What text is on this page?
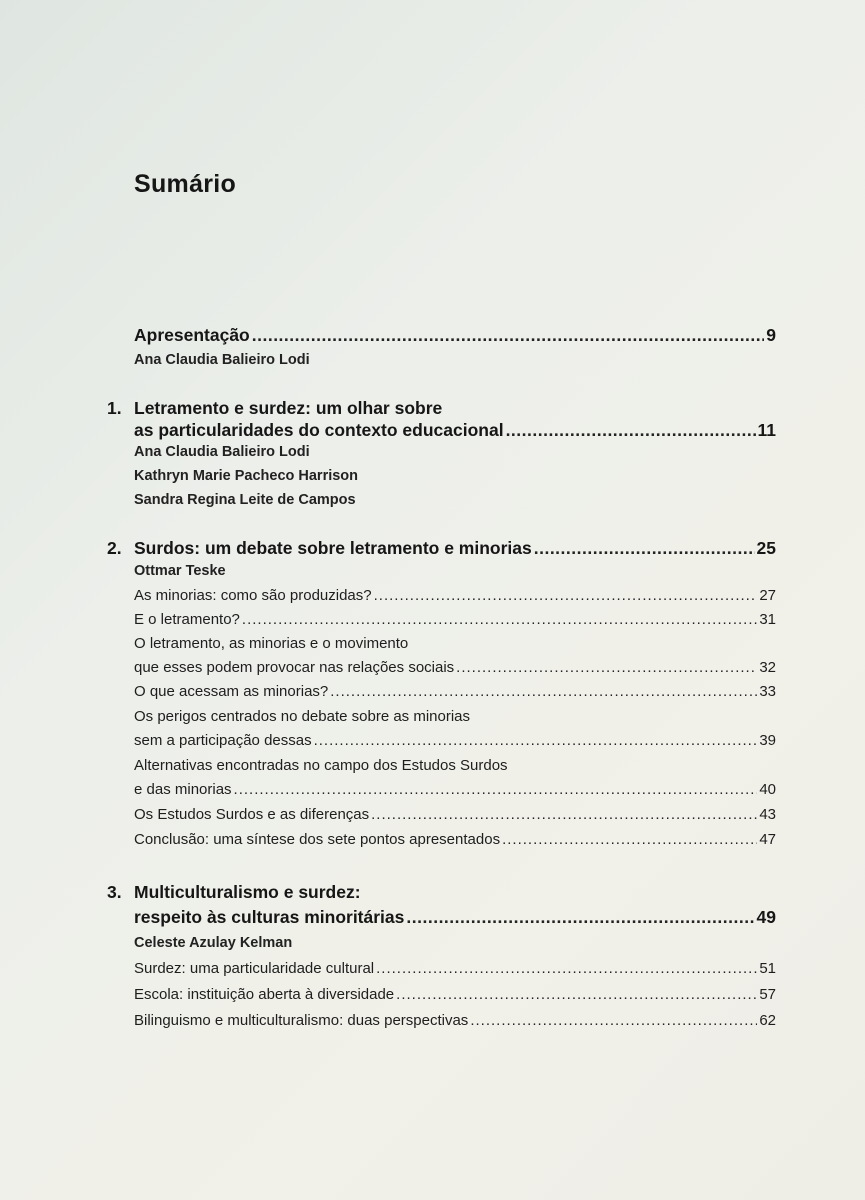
Sumário
Apresentação .....	9
Ana Claudia Balieiro Lodi
1. Letramento e surdez: um olhar sobre
as particularidades do contexto educacional .....	11
Ana Claudia Balieiro Lodi
Kathryn Marie Pacheco Harrison
Sandra Regina Leite de Campos
2. Surdos: um debate sobre letramento e minorias .....	25
Ottmar Teske
As minorias: como são produzidas? .....	27
E o letramento? .....	31
O letramento, as minorias e o movimento
que esses podem provocar nas relações sociais .....	32
O que acessam as minorias? .....	33
Os perigos centrados no debate sobre as minorias
sem a participação dessas .....	39
Alternativas encontradas no campo dos Estudos Surdos
e das minorias .....	40
Os Estudos Surdos e as diferenças .....	43
Conclusão: uma síntese dos sete pontos apresentados .....	47
3. Multiculturalismo e surdez:
respeito às culturas minoritárias .....	49
Celeste Azulay Kelman
Surdez: uma particularidade cultural .....	51
Escola: instituição aberta à diversidade .....	57
Bilinguismo e multiculturalismo: duas perspectivas .....	62
